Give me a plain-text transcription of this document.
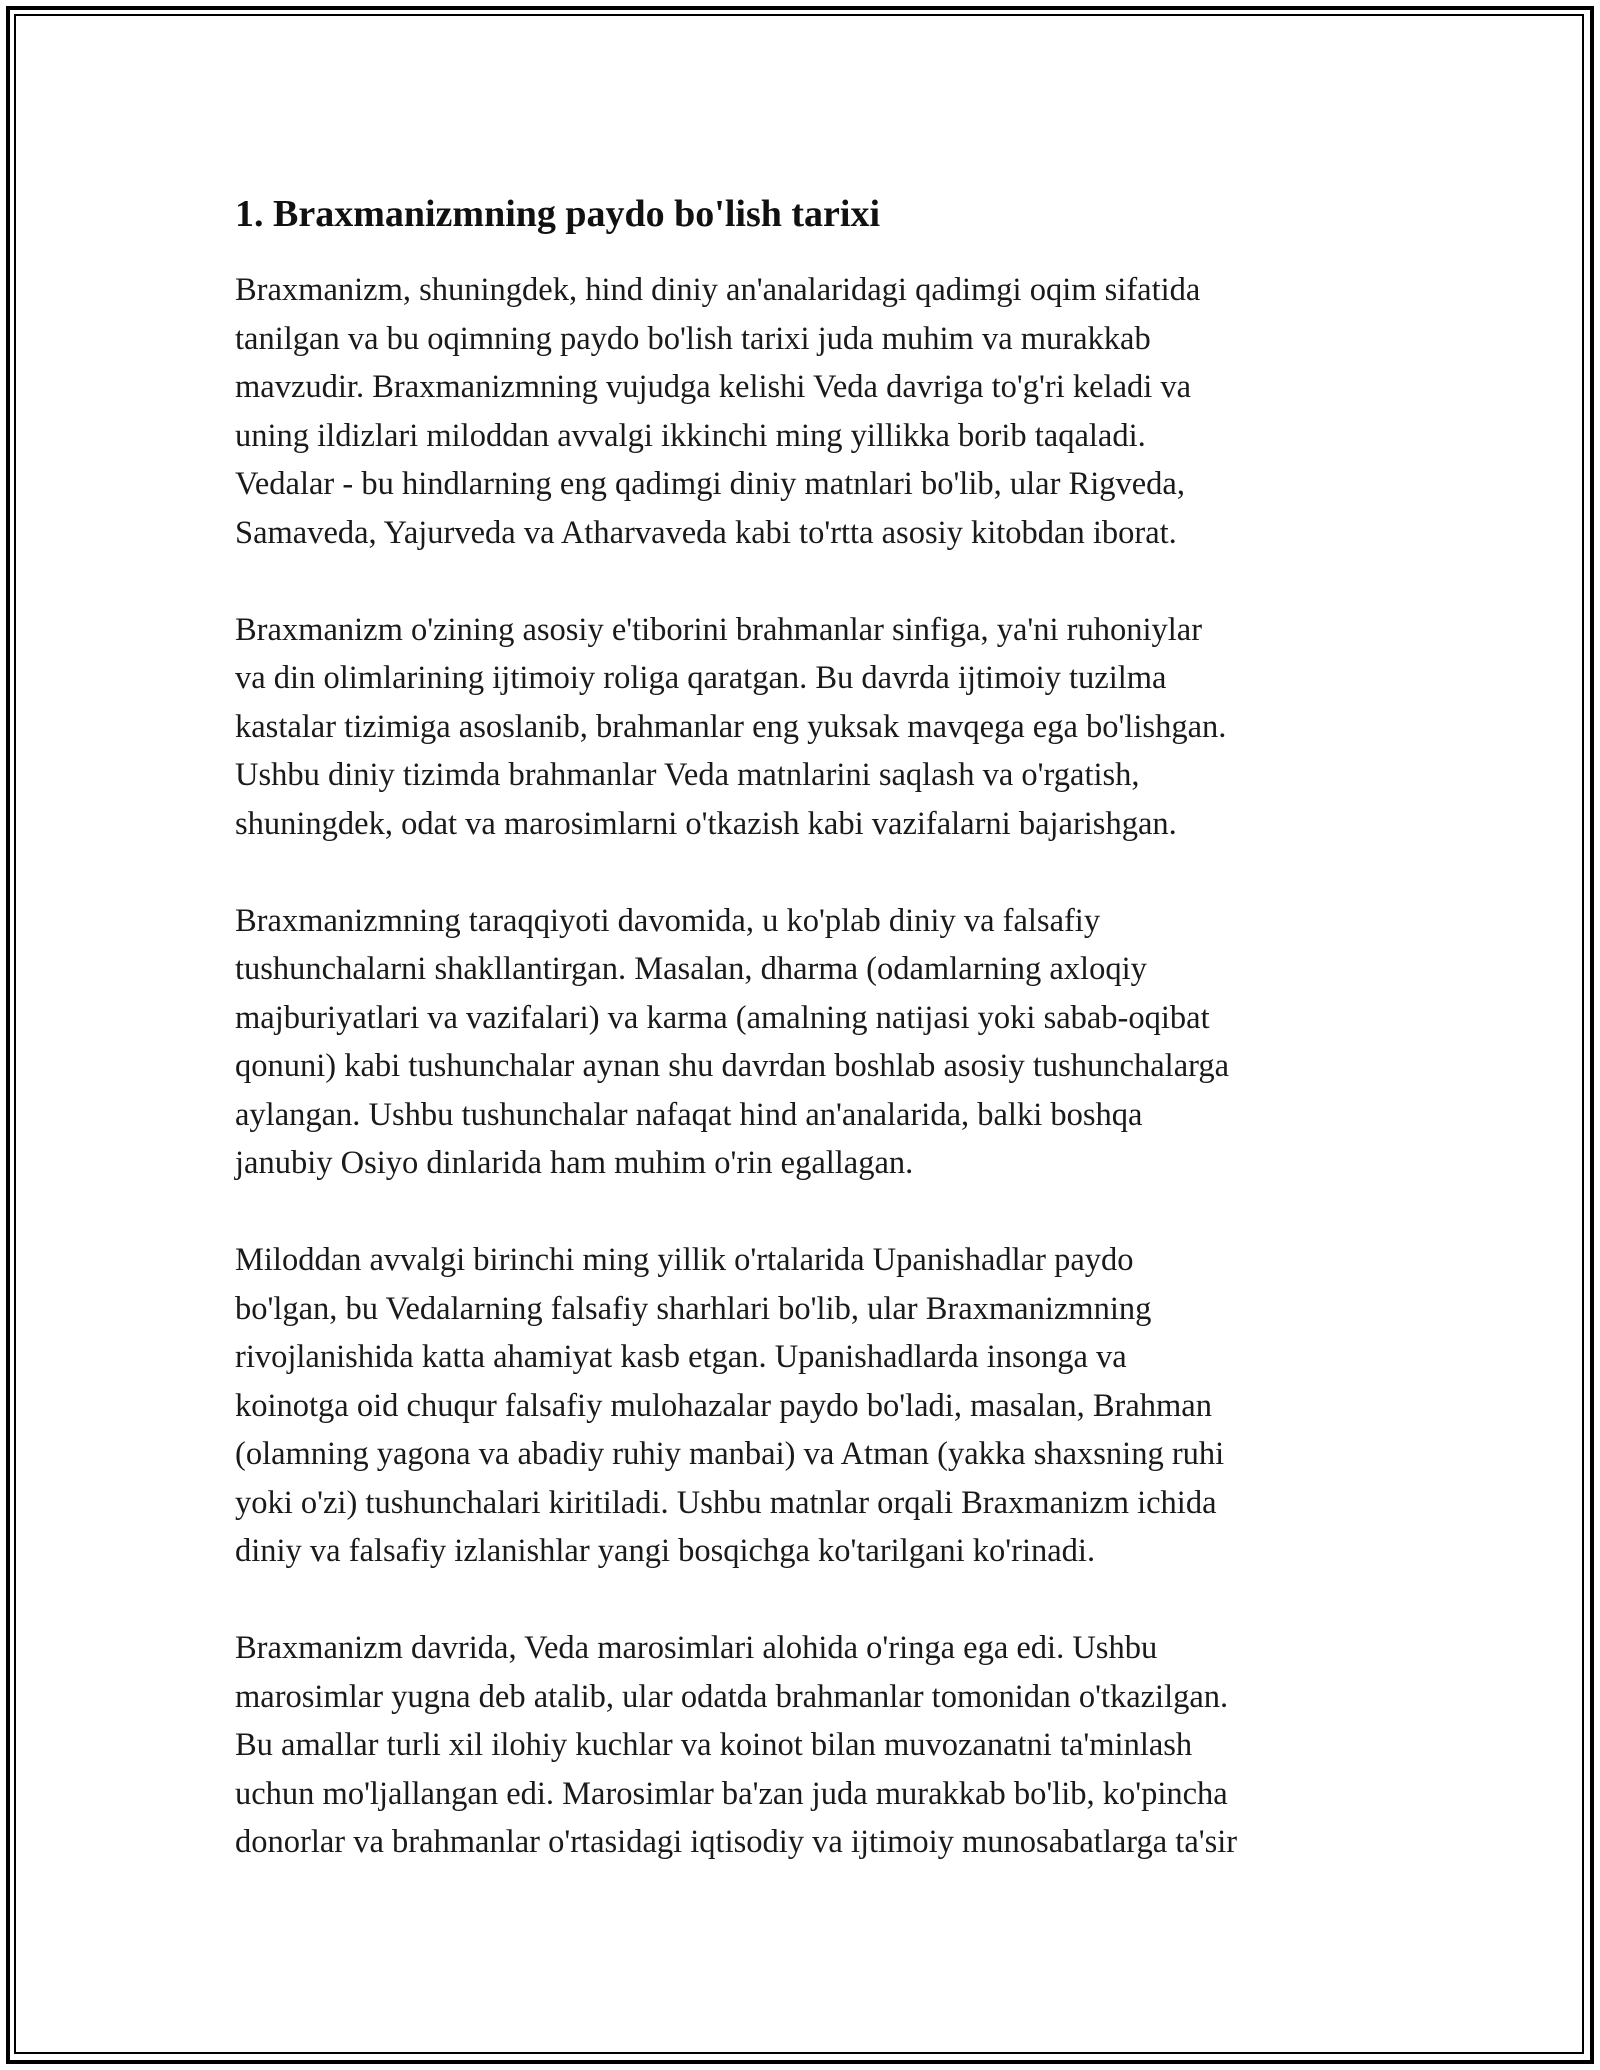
1. Braxmanizmning paydo bo'lish tarixi
Braxmanizm, shuningdek, hind diniy an'analaridagi qadimgi oqim sifatida
tanilgan va bu oqimning paydo bo'lish tarixi juda muhim va murakkab
mavzudir. Braxmanizmning vujudga kelishi Veda davriga to'g'ri keladi va
uning ildizlari miloddan avvalgi ikkinchi ming yillikka borib taqaladi.
Vedalar - bu hindlarning eng qadimgi diniy matnlari bo'lib, ular Rigveda,
Samaveda, Yajurveda va Atharvaveda kabi to'rtta asosiy kitobdan iborat.
Braxmanizm o'zining asosiy e'tiborini brahmanlar sinfiga, ya'ni ruhoniylar
va din olimlarining ijtimoiy roliga qaratgan. Bu davrda ijtimoiy tuzilma
kastalar tizimiga asoslanib, brahmanlar eng yuksak mavqega ega bo'lishgan.
Ushbu diniy tizimda brahmanlar Veda matnlarini saqlash va o'rgatish,
shuningdek, odat va marosimlarni o'tkazish kabi vazifalarni bajarishgan.
Braxmanizmning taraqqiyoti davomida, u ko'plab diniy va falsafiy
tushunchalarni shakllantirgan. Masalan, dharma (odamlarning axloqiy
majburiyatlari va vazifalari) va karma (amalning natijasi yoki sabab-oqibat
qonuni) kabi tushunchalar aynan shu davrdan boshlab asosiy tushunchalarga
aylangan. Ushbu tushunchalar nafaqat hind an'analarida, balki boshqa
janubiy Osiyo dinlarida ham muhim o'rin egallagan.
Miloddan avvalgi birinchi ming yillik o'rtalarida Upanishadlar paydo
bo'lgan, bu Vedalarning falsafiy sharhlari bo'lib, ular Braxmanizmning
rivojlanishida katta ahamiyat kasb etgan. Upanishadlarda insonga va
koinotga oid chuqur falsafiy mulohazalar paydo bo'ladi, masalan, Brahman
(olamning yagona va abadiy ruhiy manbai) va Atman (yakka shaxsning ruhi
yoki o'zi) tushunchalari kiritiladi. Ushbu matnlar orqali Braxmanizm ichida
diniy va falsafiy izlanishlar yangi bosqichga ko'tarilgani ko'rinadi.
Braxmanizm davrida, Veda marosimlari alohida o'ringa ega edi. Ushbu
marosimlar yugna deb atalib, ular odatda brahmanlar tomonidan o'tkazilgan.
Bu amallar turli xil ilohiy kuchlar va koinot bilan muvozanatni ta'minlash
uchun mo'ljallangan edi. Marosimlar ba'zan juda murakkab bo'lib, ko'pincha
donorlar va brahmanlar o'rtasidagi iqtisodiy va ijtimoiy munosabatlarga ta'sir
